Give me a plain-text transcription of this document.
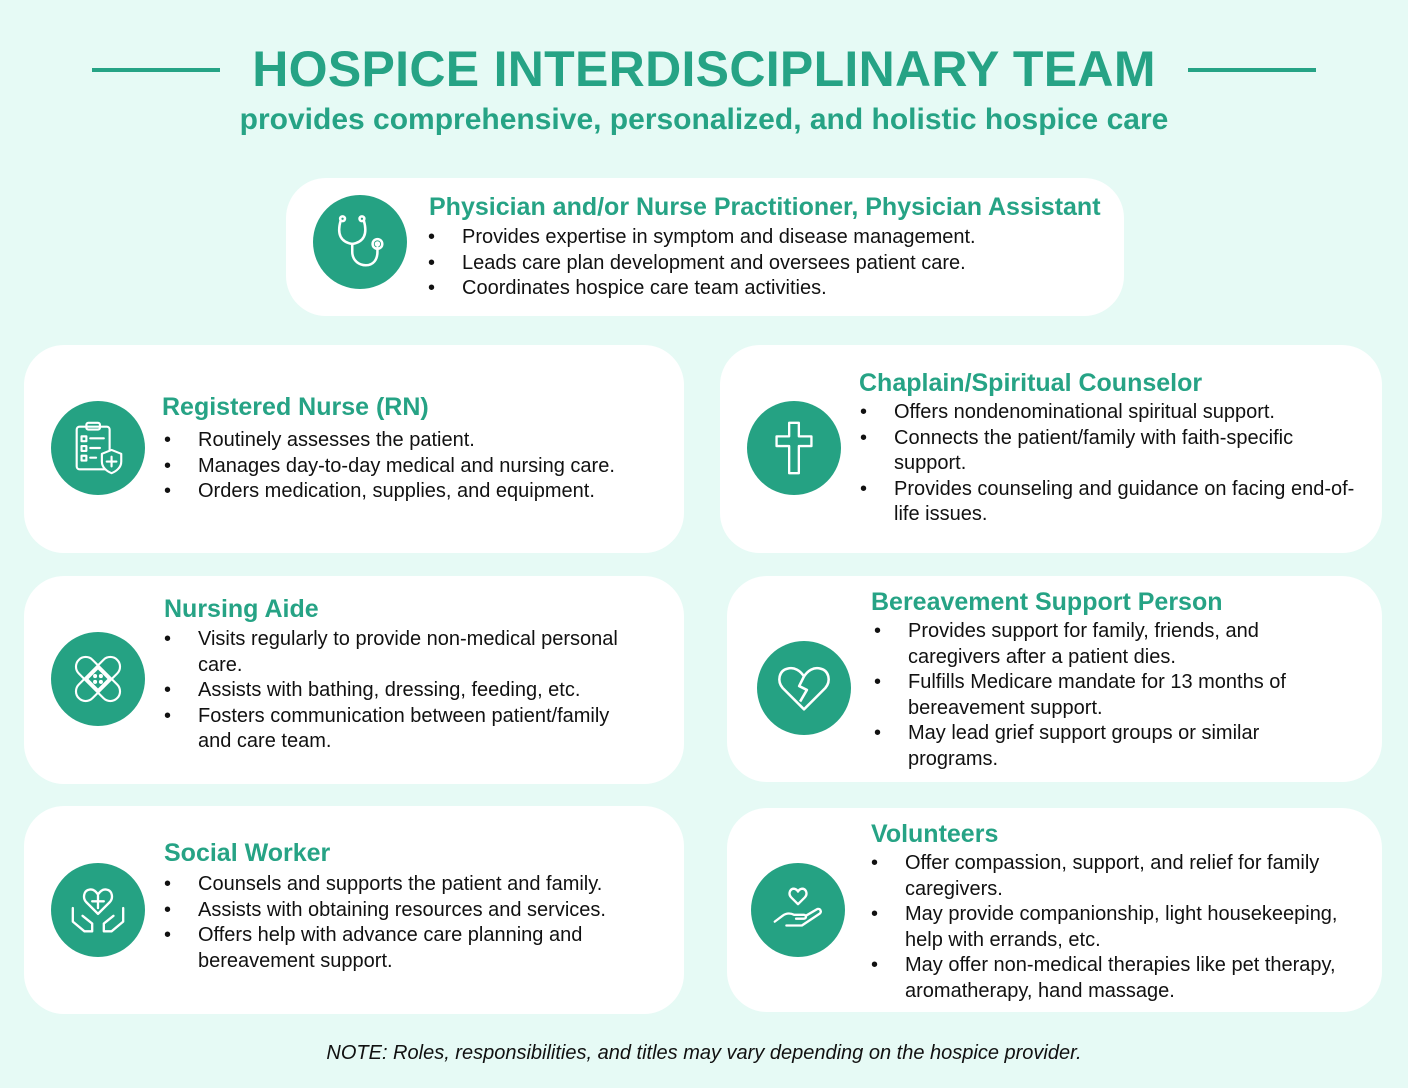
HOSPICE INTERDISCIPLINARY TEAM
provides comprehensive, personalized, and holistic hospice care
Physician and/or Nurse Practitioner, Physician Assistant
• Provides expertise in symptom and disease management.
• Leads care plan development and oversees patient care.
• Coordinates hospice care team activities.
Registered Nurse (RN)
• Routinely assesses the patient.
• Manages day-to-day medical and nursing care.
• Orders medication, supplies, and equipment.
Chaplain/Spiritual Counselor
• Offers nondenominational spiritual support.
• Connects the patient/family with faith-specific support.
• Provides counseling and guidance on facing end-of-life issues.
Nursing Aide
• Visits regularly to provide non-medical personal care.
• Assists with bathing, dressing, feeding, etc.
• Fosters communication between patient/family and care team.
Bereavement Support Person
• Provides support for family, friends, and caregivers after a patient dies.
• Fulfills Medicare mandate for 13 months of bereavement support.
• May lead grief support groups or similar programs.
Social Worker
• Counsels and supports the patient and family.
• Assists with obtaining resources and services.
• Offers help with advance care planning and bereavement support.
Volunteers
• Offer compassion, support, and relief for family caregivers.
• May provide companionship, light housekeeping, help with errands, etc.
• May offer non-medical therapies like pet therapy, aromatherapy, hand massage.

NOTE: Roles, responsibilities, and titles may vary depending on the hospice provider.
